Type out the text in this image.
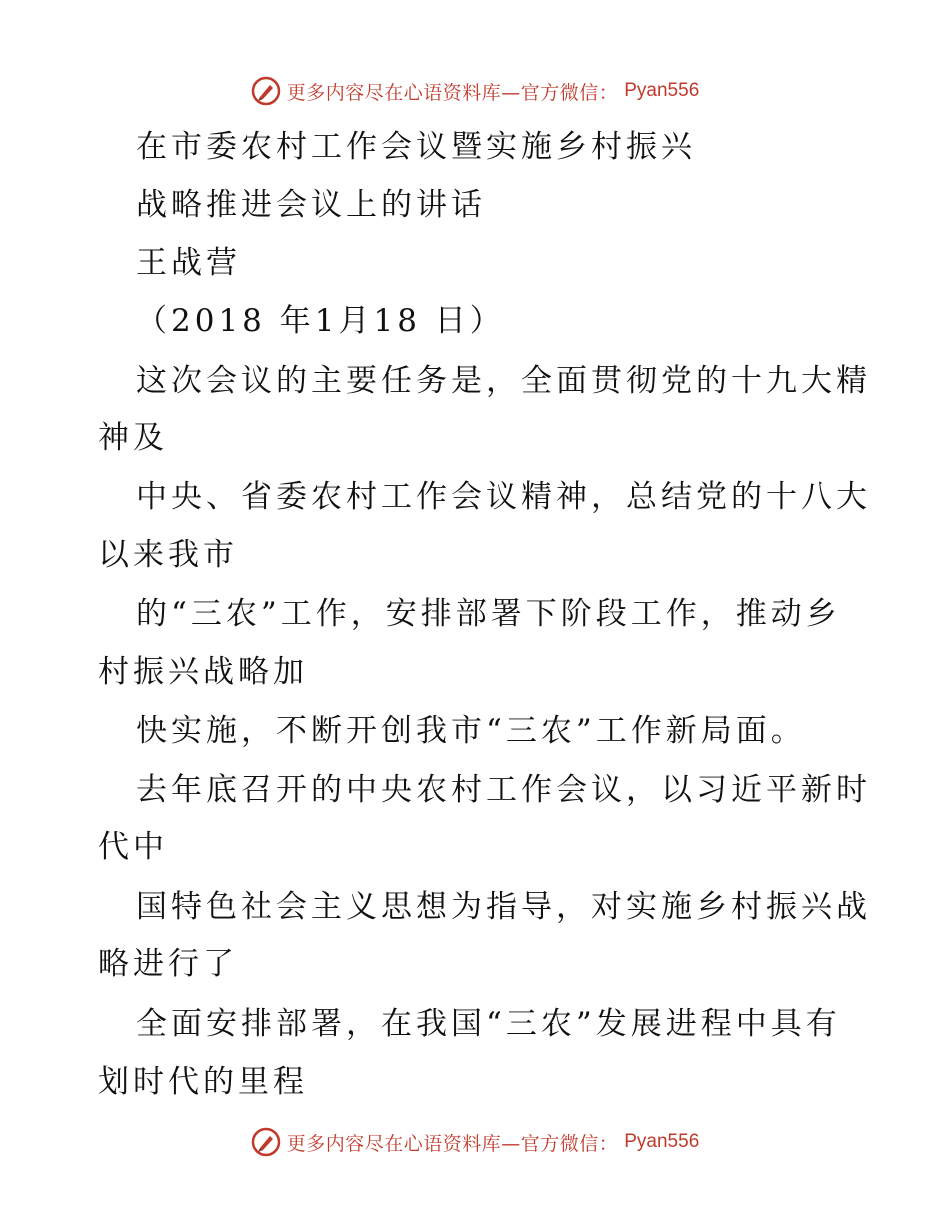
更多内容尽在心语资料库—官方微信： Pyan556
在市委农村工作会议暨实施乡村振兴
战略推进会议上的讲话
王战营
（2018 年1月18 日）
这次会议的主要任务是，全面贯彻党的十九大精
神及
中央、省委农村工作会议精神，总结党的十八大
以来我市
的“三农”工作，安排部署下阶段工作，推动乡
村振兴战略加
快实施，不断开创我市“三农”工作新局面。
去年底召开的中央农村工作会议，以习近平新时
代中
国特色社会主义思想为指导，对实施乡村振兴战
略进行了
全面安排部署，在我国“三农”发展进程中具有
划时代的里程
更多内容尽在心语资料库—官方微信： Pyan556
